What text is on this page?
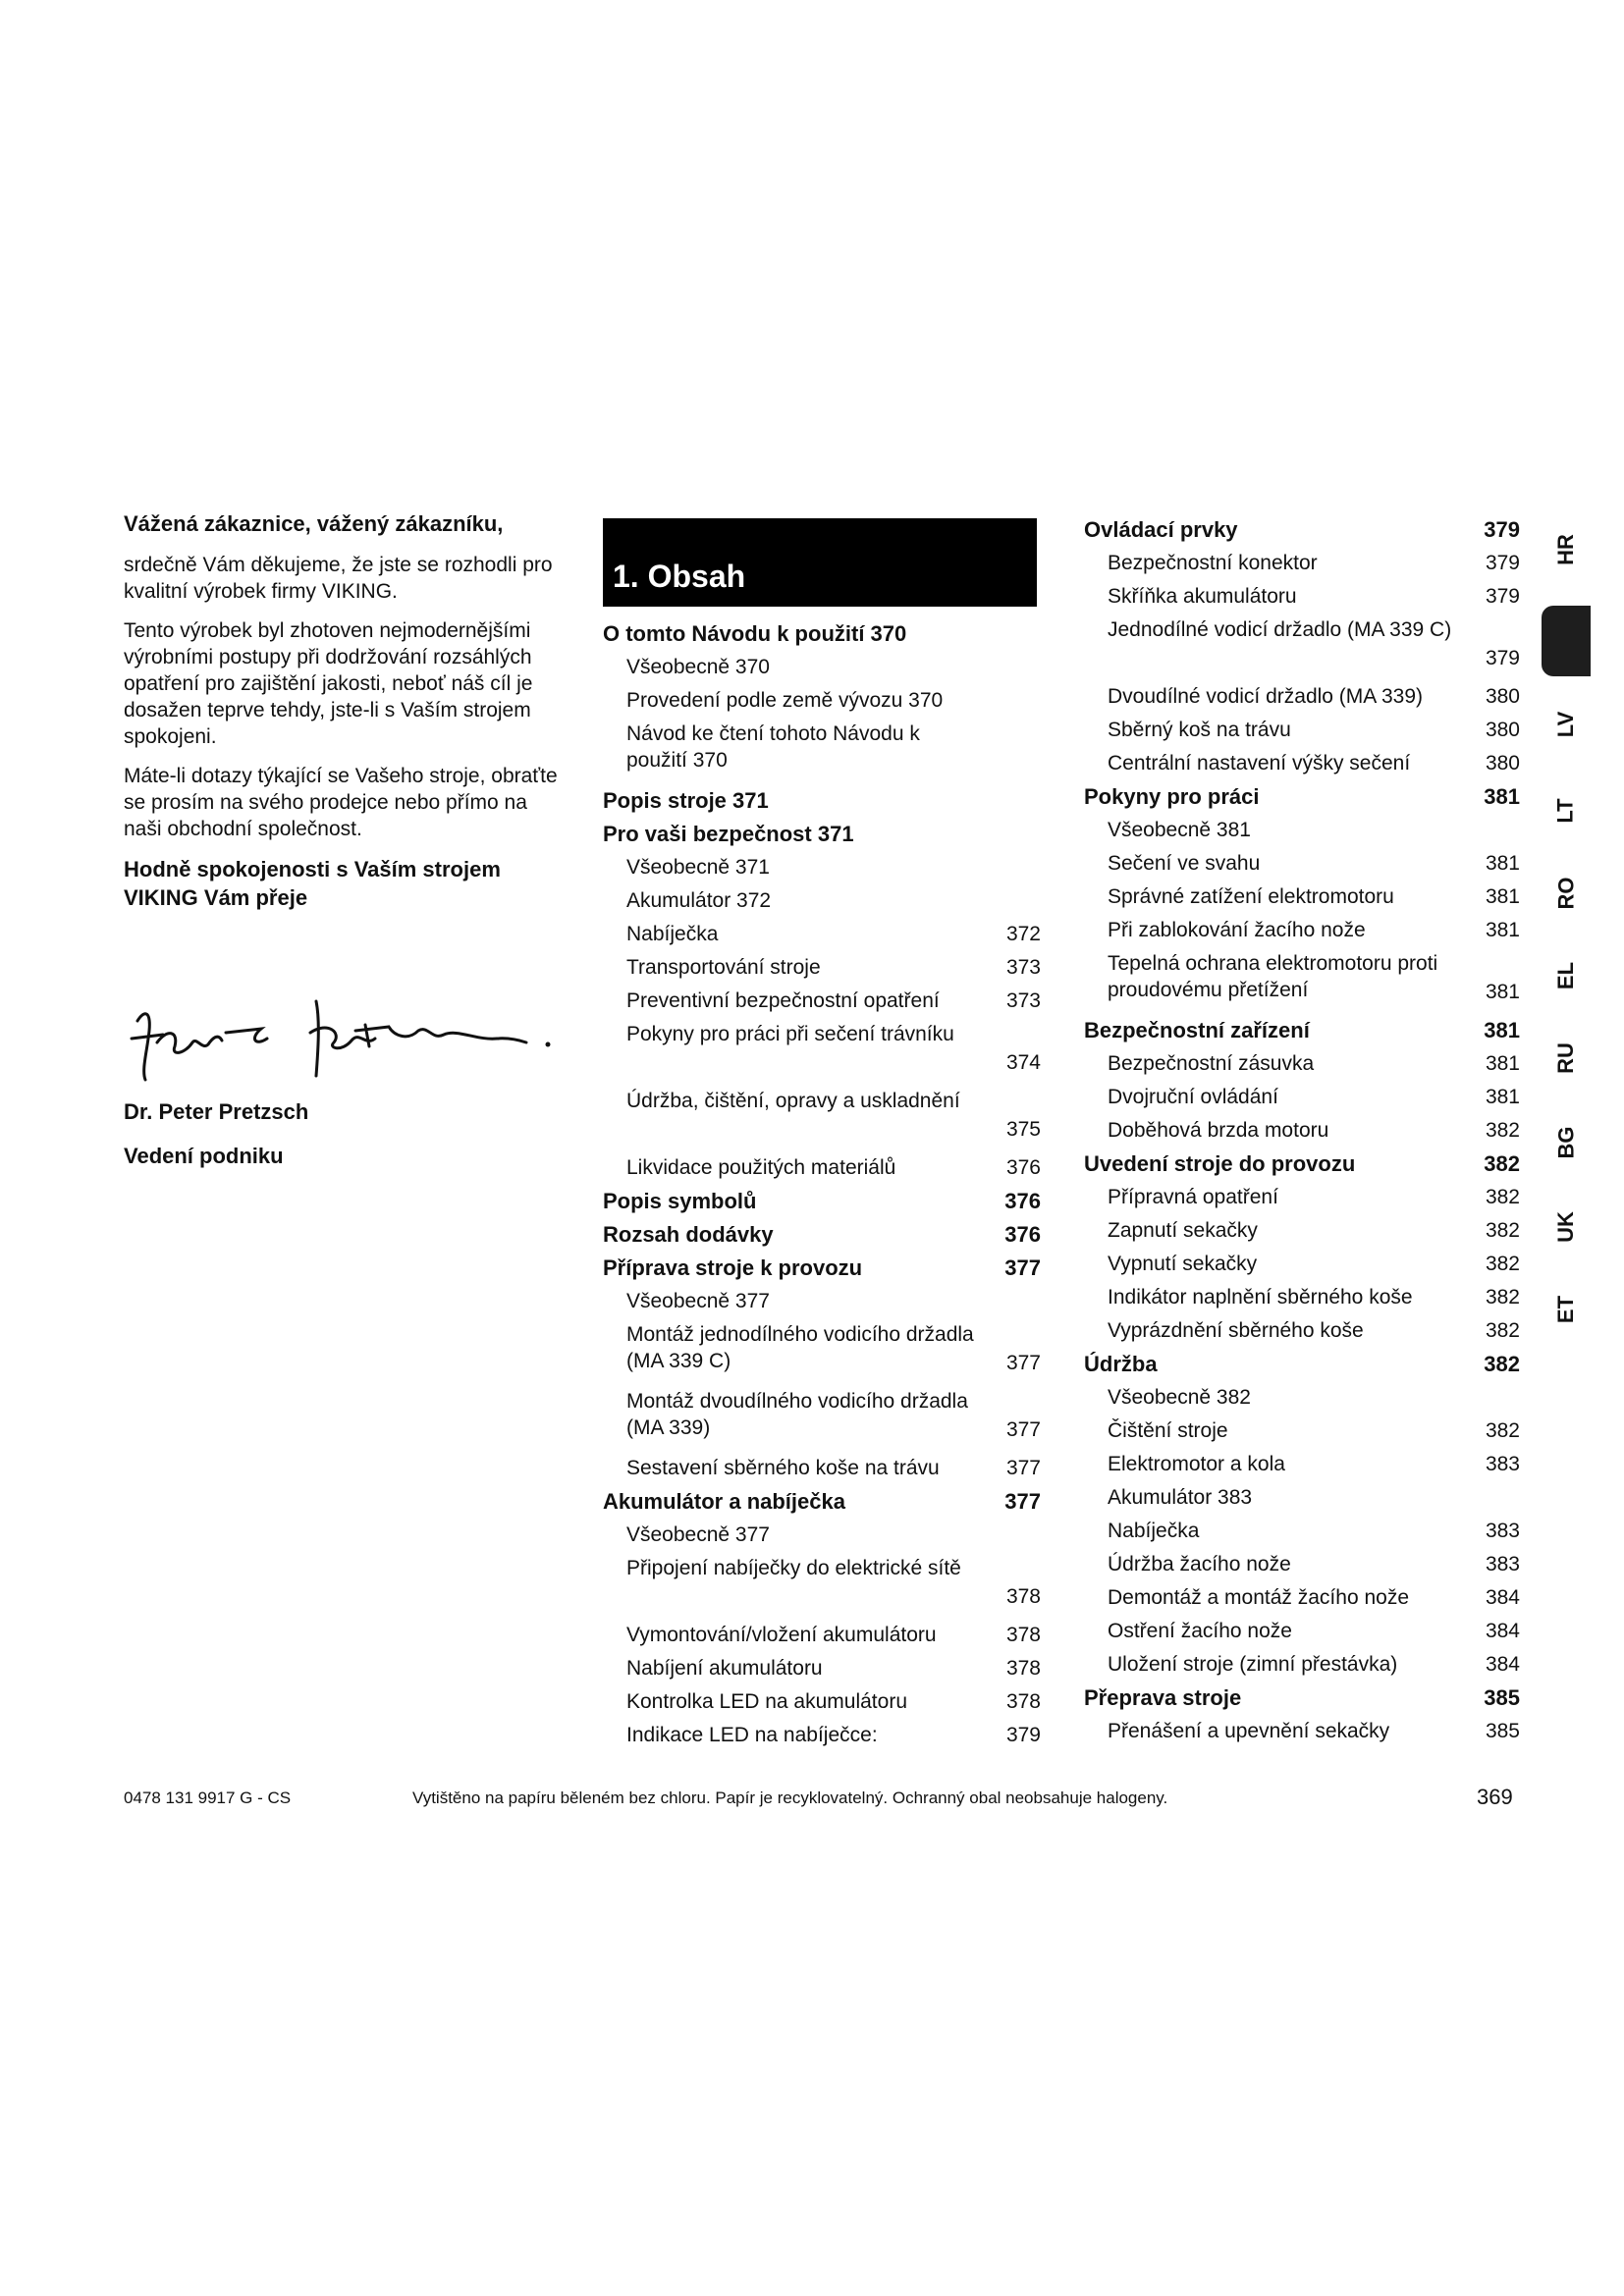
Vážená zákaznice, vážený zákazníku,

srdečně Vám děkujeme, že jste se rozhodli pro kvalitní výrobek firmy VIKING.

Tento výrobek byl zhotoven nejmodernějšími výrobními postupy při dodržování rozsáhlých opatření pro zajištění jakosti, neboť náš cíl je dosažen teprve tehdy, jste-li s Vaším strojem spokojeni.

Máte-li dotazy týkající se Vašeho stroje, obraťte se prosím na svého prodejce nebo přímo na naši obchodní společnost.

Hodně spokojenosti s Vaším strojem VIKING Vám přeje
Dr. Peter Pretzsch
Vedení podniku
1. Obsah
O tomto Návodu k použití 370
Všeobecně 370
Provedení podle země vývozu 370
Návod ke čtení tohoto Návodu k použití 370
Popis stroje 371
Pro vaši bezpečnost 371
Všeobecně 371
Akumulátor 372
Nabíječka	372
Transportování stroje	373
Preventivní bezpečnostní opatření	373
Pokyny pro práci při sečení trávníku
374
Údržba, čištění, opravy a uskladnění
375
Likvidace použitých materiálů	376
Popis symbolů	376
Rozsah dodávky	376
Příprava stroje k provozu	377
Všeobecně 377
Montáž jednodílného vodicího držadla (MA 339 C)	377
Montáž dvoudílného vodicího držadla (MA 339)	377
Sestavení sběrného koše na trávu	377
Akumulátor a nabíječka	377
Všeobecně 377
Připojení nabíječky do elektrické sítě
378
Vymontování/vložení akumulátoru	378
Nabíjení akumulátoru	378
Kontrolka LED na akumulátoru	378
Indikace LED na nabíječce:	379
Ovládací prvky	379
Bezpečnostní konektor	379
Skříňka akumulátoru	379
Jednodílné vodicí držadlo (MA 339 C)
379
Dvoudílné vodicí držadlo (MA 339)	380
Sběrný koš na trávu	380
Centrální nastavení výšky sečení	380
Pokyny pro práci	381
Všeobecně 381
Sečení ve svahu	381
Správné zatížení elektromotoru	381
Při zablokování žacího nože	381
Tepelná ochrana elektromotoru proti proudovému přetížení	381
Bezpečnostní zařízení	381
Bezpečnostní zásuvka	381
Dvojruční ovládání	381
Doběhová brzda motoru	382
Uvedení stroje do provozu	382
Přípravná opatření	382
Zapnutí sekačky	382
Vypnutí sekačky	382
Indikátor naplnění sběrného koše	382
Vyprázdnění sběrného koše	382
Údržba	382
Všeobecně 382
Čištění stroje	382
Elektromotor a kola	383
Akumulátor 383
Nabíječka	383
Údržba žacího nože	383
Demontáž a montáž žacího nože	384
Ostření žacího nože	384
Uložení stroje (zimní přestávka)	384
Přeprava stroje	385
Přenášení a upevnění sekačky	385
HR
LV
LT
RO
EL
RU
BG
UK
ET
0478 131 9917 G - CS	Vytištěno na papíru běleném bez chloru. Papír je recyklovatelný. Ochranný obal neobsahuje halogeny.	369
